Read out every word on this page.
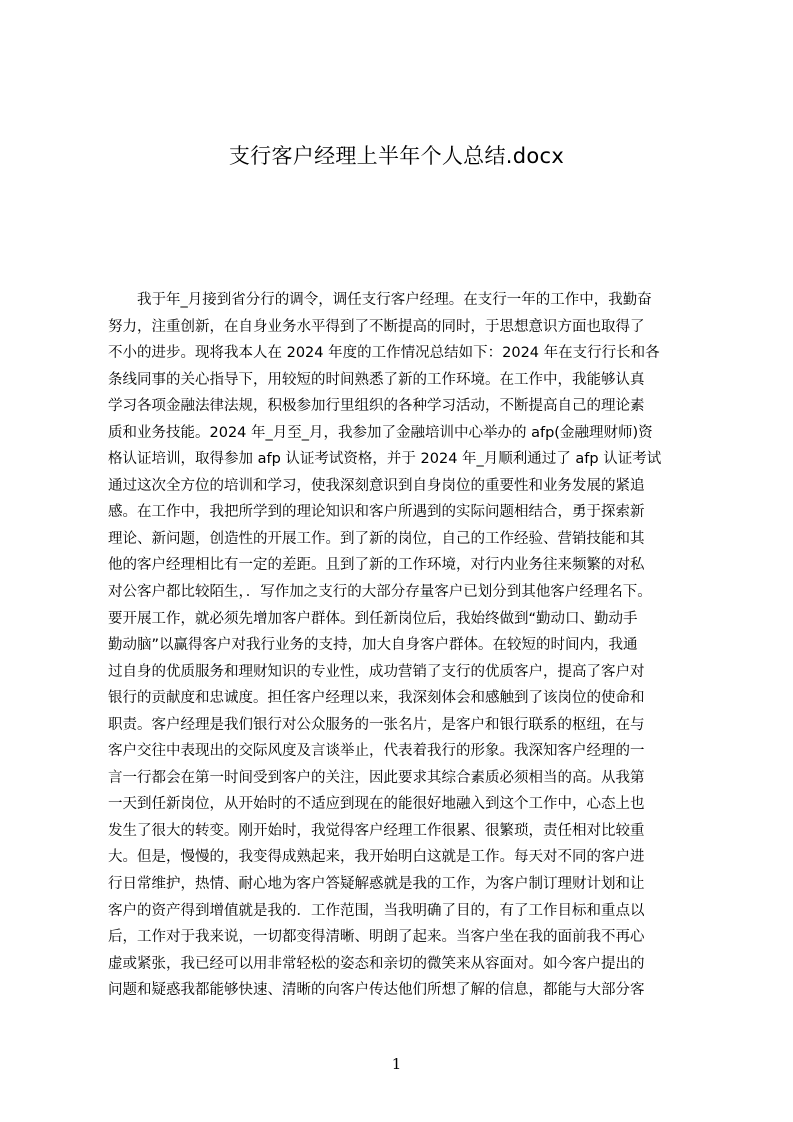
支行客户经理上半年个人总结.docx
我于年_月接到省分行的调令，调任支行客户经理。在支行一年的工作中，我勤奋
努力，注重创新，在自身业务水平得到了不断提高的同时，于思想意识方面也取得了
不小的进步。现将我本人在 2024 年度的工作情况总结如下：2024 年在支行行长和各
条线同事的关心指导下，用较短的时间熟悉了新的工作环境。在工作中，我能够认真
学习各项金融法律法规，积极参加行里组织的各种学习活动，不断提高自己的理论素
质和业务技能。2024 年_月至_月，我参加了金融培训中心举办的 afp(金融理财师)资
格认证培训，取得参加 afp 认证考试资格，并于 2024 年_月顺利通过了 afp 认证考试
通过这次全方位的培训和学习，使我深刻意识到自身岗位的重要性和业务发展的紧追
感。在工作中，我把所学到的理论知识和客户所遇到的实际问题相结合，勇于探索新
理论、新问题，创造性的开展工作。到了新的岗位，自己的工作经验、营销技能和其
他的客户经理相比有一定的差距。且到了新的工作环境，对行内业务往来频繁的对私
对公客户都比较陌生，．写作加之支行的大部分存量客户已划分到其他客户经理名下。
要开展工作，就必须先增加客户群体。到任新岗位后，我始终做到“勤动口、勤动手
勤动脑”以赢得客户对我行业务的支持，加大自身客户群体。在较短的时间内，我通
过自身的优质服务和理财知识的专业性，成功营销了支行的优质客户，提高了客户对
银行的贡献度和忠诚度。担任客户经理以来，我深刻体会和感触到了该岗位的使命和
职责。客户经理是我们银行对公众服务的一张名片，是客户和银行联系的枢纽，在与
客户交往中表现出的交际风度及言谈举止，代表着我行的形象。我深知客户经理的一
言一行都会在第一时间受到客户的关注，因此要求其综合素质必须相当的高。从我第
一天到任新岗位，从开始时的不适应到现在的能很好地融入到这个工作中，心态上也
发生了很大的转变。刚开始时，我觉得客户经理工作很累、很繁琐，责任相对比较重
大。但是，慢慢的，我变得成熟起来，我开始明白这就是工作。每天对不同的客户进
行日常维护，热情、耐心地为客户答疑解惑就是我的工作，为客户制订理财计划和让
客户的资产得到增值就是我的．工作范围，当我明确了目的，有了工作目标和重点以
后，工作对于我来说，一切都变得清晰、明朗了起来。当客户坐在我的面前我不再心
虚或紧张，我已经可以用非常轻松的姿态和亲切的微笑来从容面对。如今客户提出的
问题和疑惑我都能够快速、清晰的向客户传达他们所想了解的信息，都能与大部分客
1
